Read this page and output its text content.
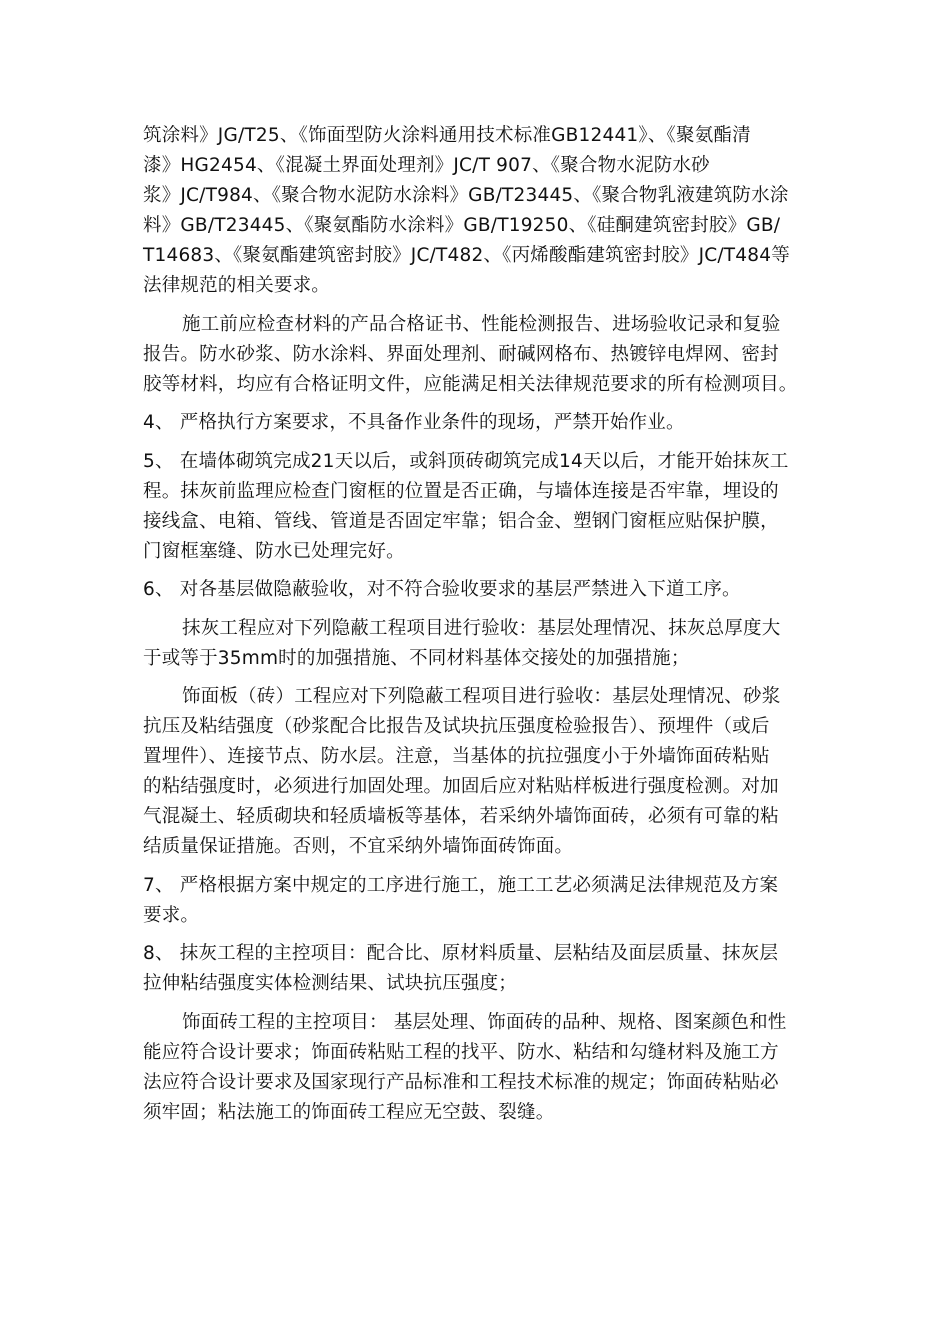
筑涂料》JG/T25、《饰面型防火涂料通用技术标准GB12441》、《聚氨酯清
漆》HG2454、《混凝土界面处理剂》JC/T 907、《聚合物水泥防水砂
浆》JC/T984、《聚合物水泥防水涂料》GB/T23445、《聚合物乳液建筑防水涂
料》GB/T23445、《聚氨酯防水涂料》GB/T19250、《硅酮建筑密封胶》GB/
T14683、《聚氨酯建筑密封胶》JC/T482、《丙烯酸酯建筑密封胶》JC/T484等
法律规范的相关要求。
施工前应检查材料的产品合格证书、性能检测报告、进场验收记录和复验
报告。防水砂浆、防水涂料、界面处理剂、耐碱网格布、热镀锌电焊网、密封
胶等材料，均应有合格证明文件，应能满足相关法律规范要求的所有检测项目。
4、 严格执行方案要求，不具备作业条件的现场，严禁开始作业。
5、 在墙体砌筑完成21天以后，或斜顶砖砌筑完成14天以后，才能开始抹灰工
程。抹灰前监理应检查门窗框的位置是否正确，与墙体连接是否牢靠，埋设的
接线盒、电箱、管线、管道是否固定牢靠；铝合金、塑钢门窗框应贴保护膜，
门窗框塞缝、防水已处理完好。
6、 对各基层做隐蔽验收，对不符合验收要求的基层严禁进入下道工序。
抹灰工程应对下列隐蔽工程项目进行验收：基层处理情况、抹灰总厚度大
于或等于35mm时的加强措施、不同材料基体交接处的加强措施；
饰面板（砖）工程应对下列隐蔽工程项目进行验收：基层处理情况、砂浆
抗压及粘结强度（砂浆配合比报告及试块抗压强度检验报告）、预埋件（或后
置埋件）、连接节点、防水层。注意，当基体的抗拉强度小于外墙饰面砖粘贴
的粘结强度时，必须进行加固处理。加固后应对粘贴样板进行强度检测。对加
气混凝土、轻质砌块和轻质墙板等基体，若采纳外墙饰面砖，必须有可靠的粘
结质量保证措施。否则，不宜采纳外墙饰面砖饰面。
7、 严格根据方案中规定的工序进行施工，施工工艺必须满足法律规范及方案
要求。
8、 抹灰工程的主控项目：配合比、原材料质量、层粘结及面层质量、抹灰层
拉伸粘结强度实体检测结果、试块抗压强度；
饰面砖工程的主控项目： 基层处理、饰面砖的品种、规格、图案颜色和性
能应符合设计要求；饰面砖粘贴工程的找平、防水、粘结和勾缝材料及施工方
法应符合设计要求及国家现行产品标准和工程技术标准的规定；饰面砖粘贴必
须牢固；粘法施工的饰面砖工程应无空鼓、裂缝。
